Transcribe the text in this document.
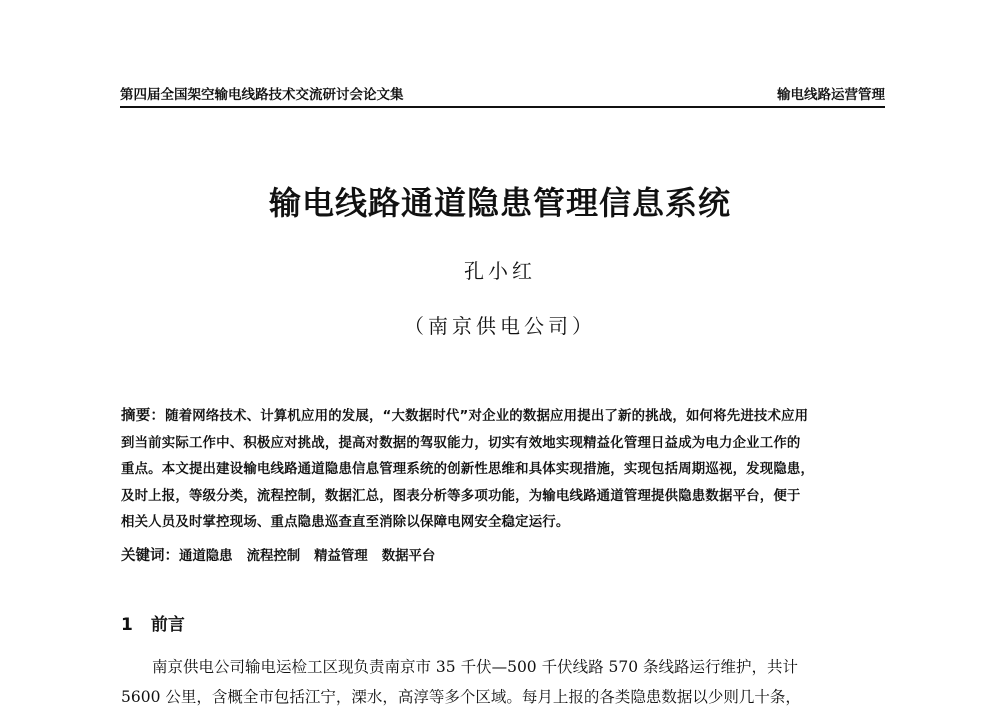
第四届全国架空输电线路技术交流研讨会论文集	输电线路运营管理
输电线路通道隐患管理信息系统
孔小红
（南京供电公司）
摘要：随着网络技术、计算机应用的发展，“大数据时代”对企业的数据应用提出了新的挑战，如何将先进技术应用
到当前实际工作中、积极应对挑战，提高对数据的驾驭能力，切实有效地实现精益化管理日益成为电力企业工作的
重点。本文提出建设输电线路通道隐患信息管理系统的创新性思维和具体实现措施，实现包括周期巡视，发现隐患，
及时上报，等级分类，流程控制，数据汇总，图表分析等多项功能，为输电线路通道管理提供隐患数据平台，便于
相关人员及时掌控现场、重点隐患巡查直至消除以保障电网安全稳定运行。
关键词：通道隐患 流程控制 精益管理 数据平台
1 前言
南京供电公司输电运检工区现负责南京市 35 千伏—500 千伏线路 570 条线路运行维护，共计
5600 公里，含概全市包括江宁，溧水，高淳等多个区域。每月上报的各类隐患数据以少则几十条，
